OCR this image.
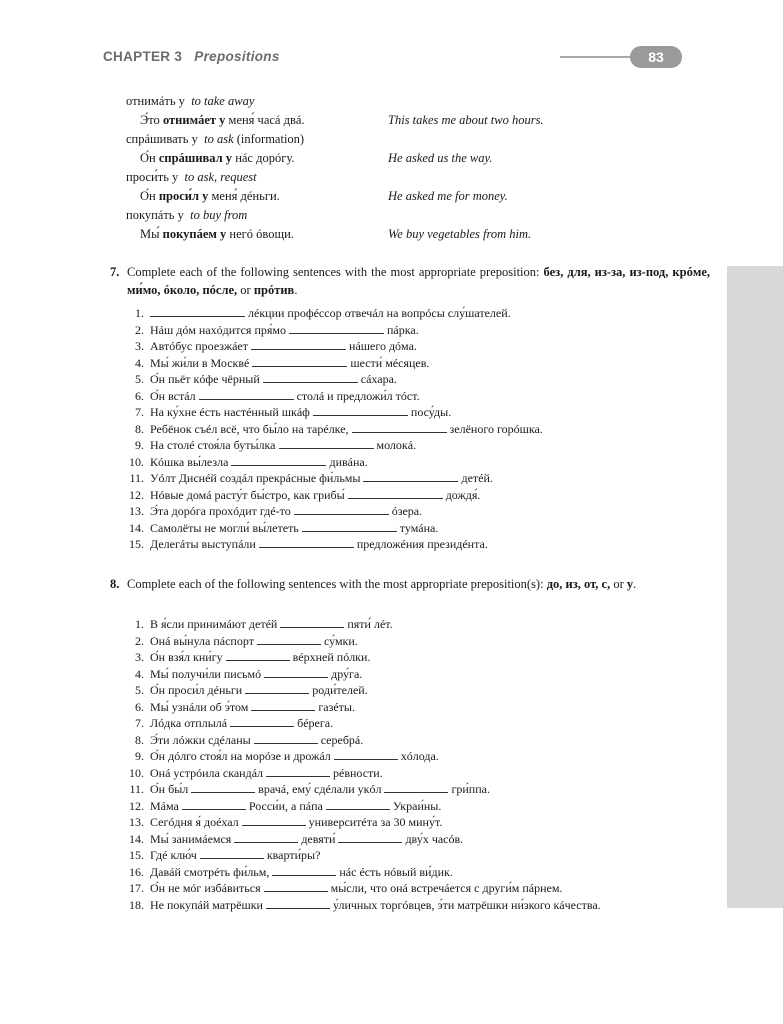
CHAPTER 3 Prepositions	83
отнимáть у to take away
Э́то отнимáет у меня́ чacá двá.	This takes me about two hours.
спрáшивать у to ask (information)
О́н спрáшивал у нác дорóгу.	He asked us the way.
проси́ть у to ask, request
О́н проси́л у меня́ дéньги.	He asked me for money.
покупáть у to buy from
Мы́ покупáем у негó óвощи.	We buy vegetables from him.
7. Complete each of the following sentences with the most appropriate preposition: без, для, из-за, из-под, крóме, ми́мо, óколо, пóсле, or прóтив.
1.	лéкции профéссор отвечáл на вопрóсы слу́шателей.
2. Нáш дóм нахóдится пря́мо	пáрка.
3. Автóбус проезжáет	нáшего дóма.
4. Мы́ жи́ли в Москвé	шести́ мéсяцев.
5. О́н пьёт кóфе чёрный	сáхара.
6. О́н встáл	столá и предложи́л тóст.
7. На ку́хне éсть настéнный шкáф	посу́ды.
8. Ребёнок съéл всё, что бы́ло на тарéлке,	зелёного горóшка.
9. На столé стоя́ла буты́лка	молокá.
10. Кóшка вы́лезла	дивáна.
11. Уóлт Диснéй создáл прекрáсные фи́льмы	детéй.
12. Нóвые домá расту́т бы́стро, как грибы́	дождя́.
13. Э́та дорóга прохóдит гдé-то	óзера.
14. Самолёты не могли́ вы́лететь	тумáна.
15. Делегáты выступáли	предложéния президéнта.
8. Complete each of the following sentences with the most appropriate preposition(s): до, из, от, с, or у.
1. В я́сли принимáют детéй	пяти́ лéт.
2. Онá вы́нула пáспорт	су́мки.
3. О́н взя́л кни́гу	вéрхней пóлки.
4. Мы́ получи́ли письмó	дру́га.
5. О́н проси́л дéньги	роди́телей.
6. Мы́ узнáли об э́том	газéты.
7. Лóдка отплылá	бéрега.
8. Э́ти лóжки сдéланы	серебрá.
9. О́н дóлго стоя́л на морóзе и дрожáл	хóлода.
10. Онá устрóила скандáл	рéвности.
11. О́н бы́л	врачá, ему́ сдéлали укóл	гри́ппа.
12. Мáма	Росси́и, а пáпа	Украи́ны.
13. Сегóдня я́ доéхал	университéта за 30 мину́т.
14. Мы́ занимáемся	девяти́	дву́х часóв.
15. Гдé клю́ч	кварти́ры?
16. Давáй смотрéть фи́льм,	нác éсть нóвый ви́дик.
17. О́н не мóг избáвиться	мы́сли, что онá встречáется с други́м пáрнем.
18. Не покупáй матрёшки	у́личных торгóвцев, э́ти матрёшки ни́зкого кáчества.
